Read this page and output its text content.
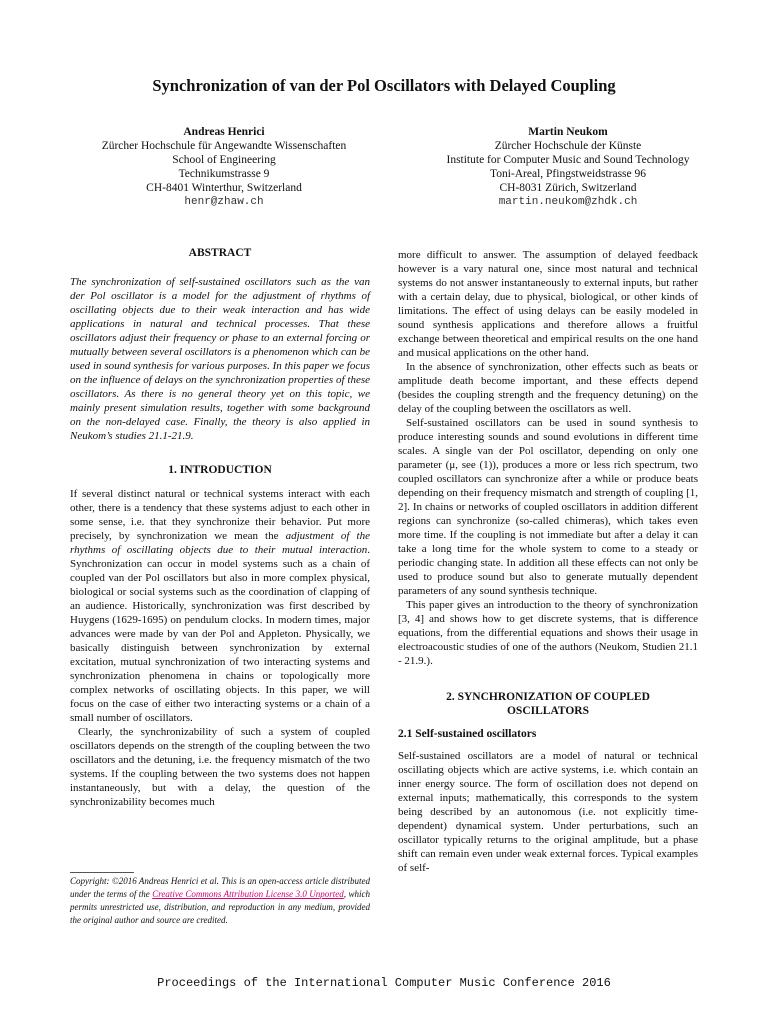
Synchronization of van der Pol Oscillators with Delayed Coupling
Andreas Henrici
Zürcher Hochschule für Angewandte Wissenschaften
School of Engineering
Technikumstrasse 9
CH-8401 Winterthur, Switzerland
henr@zhaw.ch
Martin Neukom
Zürcher Hochschule der Künste
Institute for Computer Music and Sound Technology
Toni-Areal, Pfingstweidstrasse 96
CH-8031 Zürich, Switzerland
martin.neukom@zhdk.ch
ABSTRACT

The synchronization of self-sustained oscillators such as the van der Pol oscillator is a model for the adjustment of rhythms of oscillating objects due to their weak interaction and has wide applications in natural and technical processes. That these oscillators adjust their frequency or phase to an external forcing or mutually between several oscillators is a phenomenon which can be used in sound synthesis for various purposes. In this paper we focus on the influence of delays on the synchronization properties of these oscillators. As there is no general theory yet on this topic, we mainly present simulation results, together with some background on the non-delayed case. Finally, the theory is also applied in Neukom’s studies 21.1-21.9.

1. INTRODUCTION

If several distinct natural or technical systems interact with each other, there is a tendency that these systems adjust to each other in some sense, i.e. that they synchronize their behavior. Put more precisely, by synchronization we mean the adjustment of the rhythms of oscillating objects due to their mutual interaction. Synchronization can occur in model systems such as a chain of coupled van der Pol oscillators but also in more complex physical, biological or social systems such as the coordination of clapping of an audience. Historically, synchronization was first described by Huygens (1629-1695) on pendulum clocks. In modern times, major advances were made by van der Pol and Appleton. Physically, we basically distinguish between synchronization by external excitation, mutual synchronization of two interacting systems and synchronization phenomena in chains or topologically more complex networks of oscillating objects. In this paper, we will focus on the case of either two interacting systems or a chain of a small number of oscillators.

Clearly, the synchronizability of such a system of coupled oscillators depends on the strength of the coupling between the two oscillators and the detuning, i.e. the frequency mismatch of the two systems. If the coupling between the two systems does not happen instantaneously, but with a delay, the question of the synchronizability becomes much

more difficult to answer. The assumption of delayed feedback however is a vary natural one, since most natural and technical systems do not answer instantaneously to external inputs, but rather with a certain delay, due to physical, biological, or other kinds of limitations. The effect of using delays can be easily modeled in sound synthesis applications and therefore allows a fruitful exchange between theoretical and empirical results on the one hand and musical applications on the other hand.

In the absence of synchronization, other effects such as beats or amplitude death become important, and these effects depend (besides the coupling strength and the frequency detuning) on the delay of the coupling between the oscillators as well.

Self-sustained oscillators can be used in sound synthesis to produce interesting sounds and sound evolutions in different time scales. A single van der Pol oscillator, depending on only one parameter (μ, see (1)), produces a more or less rich spectrum, two coupled oscillators can synchronize after a while or produce beats depending on their frequency mismatch and strength of coupling [1, 2]. In chains or networks of coupled oscillators in addition different regions can synchronize (so-called chimeras), which takes even more time. If the coupling is not immediate but after a delay it can take a long time for the whole system to come to a steady or periodic changing state. In addition all these effects can not only be used to produce sound but also to generate mutually dependent parameters of any sound synthesis technique.

This paper gives an introduction to the theory of synchronization [3, 4] and shows how to get discrete systems, that is difference equations, from the differential equations and shows their usage in electroacoustic studies of one of the authors (Neukom, Studien 21.1 - 21.9.).

2. SYNCHRONIZATION OF COUPLED
OSCILLATORS
2.1 Self-sustained oscillators

Self-sustained oscillators are a model of natural or technical oscillating objects which are active systems, i.e. which contain an inner energy source. The form of oscillation does not depend on external inputs; mathematically, this corresponds to the system being described by an autonomous (i.e. not explicitly time-dependent) dynamical system. Under perturbations, such an oscillator typically returns to the original amplitude, but a phase shift can remain even under weak external forces. Typical examples of self-

Copyright: ©2016 Andreas Henrici et al. This is an open-access article distributed under the terms of the Creative Commons Attribution License 3.0 Unported, which permits unrestricted use, distribution, and reproduction in any medium, provided the original author and source are credited.
Proceedings of the International Computer Music Conference 2016
